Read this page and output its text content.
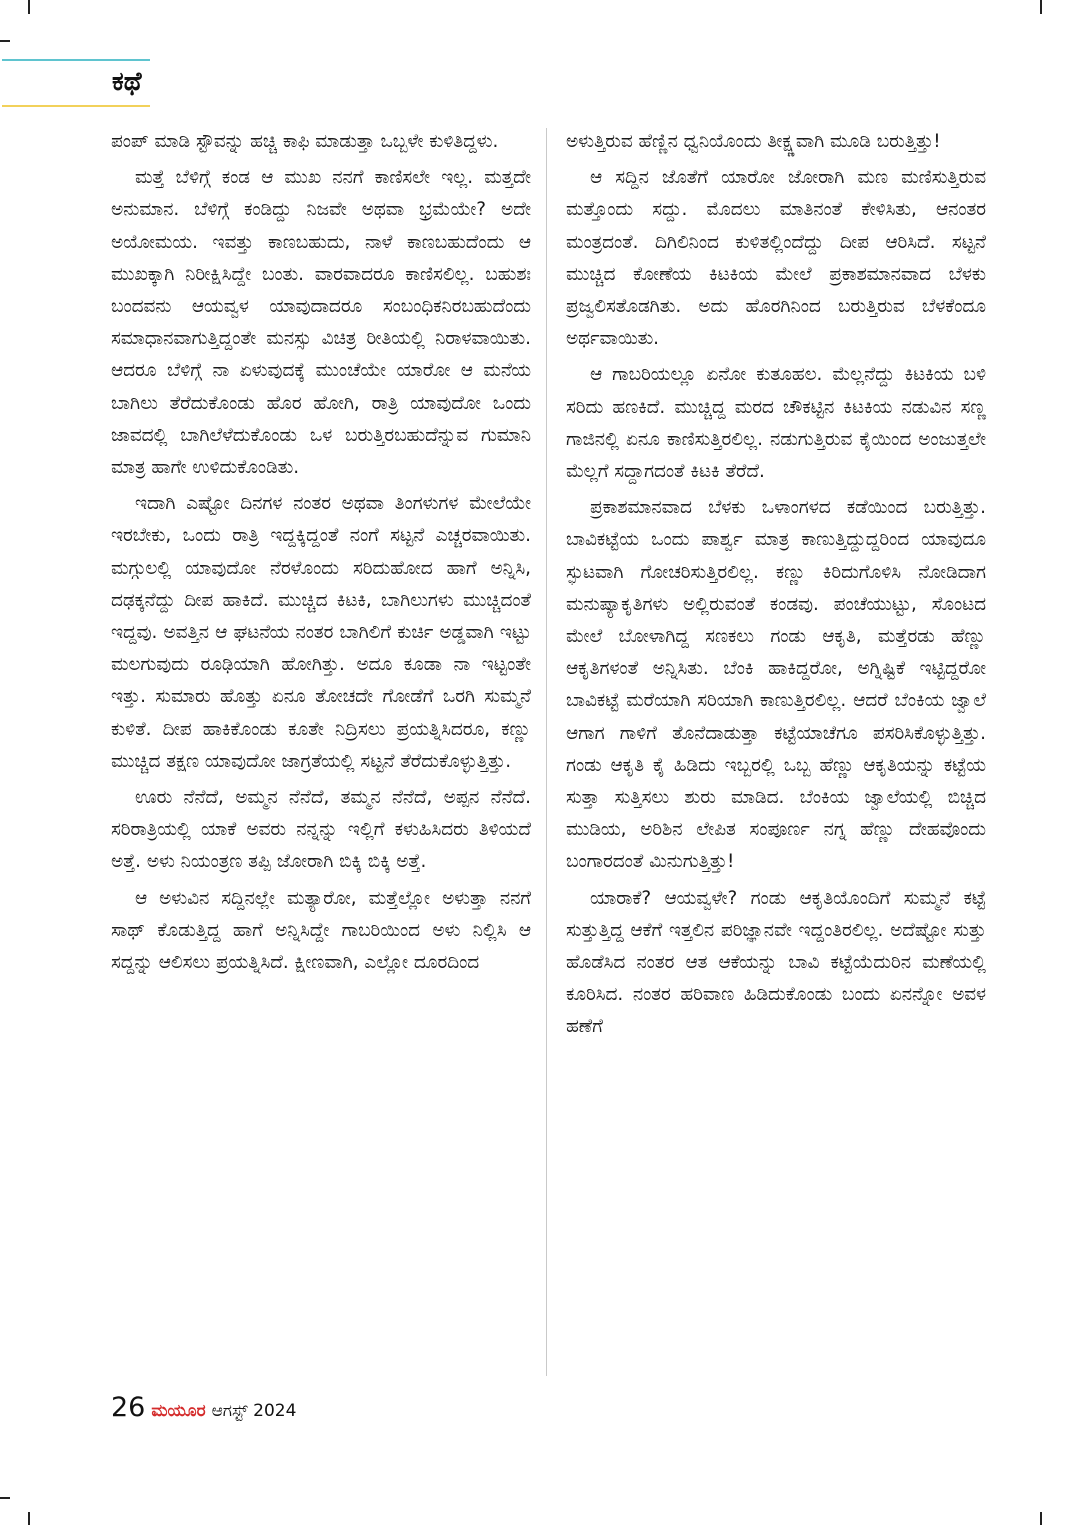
ಕಥೆ

ಪಂಪ್ ಮಾಡಿ ಸ್ಟೌವನ್ನು ಹಚ್ಚಿ ಕಾಫಿ ಮಾಡುತ್ತಾ ಒಬ್ಬಳೇ ಕುಳಿತಿದ್ದಳು.

ಮತ್ತೆ ಬೆಳಿಗ್ಗೆ ಕಂಡ ಆ ಮುಖ ನನಗೆ ಕಾಣಿಸಲೇ ಇಲ್ಲ. ಮತ್ತದೇ ಅನುಮಾನ. ಬೆಳಿಗ್ಗೆ ಕಂಡಿದ್ದು ನಿಜವೇ ಅಥವಾ ಭ್ರಮೆಯೇ? ಅದೇ ಅಯೋಮಯ. ಇವತ್ತು ಕಾಣಬಹುದು, ನಾಳೆ ಕಾಣಬಹುದೆಂದು ಆ ಮುಖಕ್ಕಾಗಿ ನಿರೀಕ್ಷಿಸಿದ್ದೇ ಬಂತು. ವಾರವಾದರೂ ಕಾಣಿಸಲಿಲ್ಲ. ಬಹುಶಃ ಬಂದವನು ಆಯವ್ವಳ ಯಾವುದಾದರೂ ಸಂಬಂಧಿಕನಿರಬಹುದೆಂದು ಸಮಾಧಾನವಾಗುತ್ತಿದ್ದಂತೇ ಮನಸ್ಸು ವಿಚಿತ್ರ ರೀತಿಯಲ್ಲಿ ನಿರಾಳವಾಯಿತು. ಆದರೂ ಬೆಳಿಗ್ಗೆ ನಾ ಏಳುವುದಕ್ಕೆ ಮುಂಚೆಯೇ ಯಾರೋ ಆ ಮನೆಯ ಬಾಗಿಲು ತೆರೆದುಕೊಂಡು ಹೊರ ಹೋಗಿ, ರಾತ್ರಿ ಯಾವುದೋ ಒಂದು ಜಾವದಲ್ಲಿ ಬಾಗಿಲೆಳೆದುಕೊಂಡು ಒಳ ಬರುತ್ತಿರಬಹುದೆನ್ನುವ ಗುಮಾನಿ ಮಾತ್ರ ಹಾಗೇ ಉಳಿದುಕೊಂಡಿತು.

ಇದಾಗಿ ಎಷ್ಟೋ ದಿನಗಳ ನಂತರ ಅಥವಾ ತಿಂಗಳುಗಳ ಮೇಲೆಯೇ ಇರಬೇಕು, ಒಂದು ರಾತ್ರಿ ಇದ್ದಕ್ಕಿದ್ದಂತೆ ನಂಗೆ ಸಟ್ಟನೆ ಎಚ್ಚರವಾಯಿತು. ಮಗ್ಗುಲಲ್ಲಿ ಯಾವುದೋ ನೆರಳೊಂದು ಸರಿದುಹೋದ ಹಾಗೆ ಅನ್ನಿಸಿ, ದಢಕ್ಕನೆದ್ದು ದೀಪ ಹಾಕಿದೆ. ಮುಚ್ಚಿದ ಕಿಟಕಿ, ಬಾಗಿಲುಗಳು ಮುಚ್ಚಿದಂತೆ ಇದ್ದವು. ಅವತ್ತಿನ ಆ ಘಟನೆಯ ನಂತರ ಬಾಗಿಲಿಗೆ ಕುರ್ಚಿ ಅಡ್ಡವಾಗಿ ಇಟ್ಟು ಮಲಗುವುದು ರೂಢಿಯಾಗಿ ಹೋಗಿತ್ತು. ಅದೂ ಕೂಡಾ ನಾ ಇಟ್ಟಂತೇ ಇತ್ತು. ಸುಮಾರು ಹೊತ್ತು ಏನೂ ತೋಚದೇ ಗೋಡೆಗೆ ಒರಗಿ ಸುಮ್ಮನೆ ಕುಳಿತೆ. ದೀಪ ಹಾಕಿಕೊಂಡು ಕೂತೇ ನಿದ್ರಿಸಲು ಪ್ರಯತ್ನಿಸಿದರೂ, ಕಣ್ಣು ಮುಚ್ಚಿದ ತಕ್ಷಣ ಯಾವುದೋ ಜಾಗ್ರತೆಯಲ್ಲಿ ಸಟ್ಟನೆ ತೆರೆದುಕೊಳ್ಳುತ್ತಿತ್ತು.

ಊರು ನೆನೆದೆ, ಅಮ್ಮನ ನೆನೆದೆ, ತಮ್ಮನ ನೆನೆದೆ, ಅಪ್ಪನ ನೆನೆದೆ. ಸರಿರಾತ್ರಿಯಲ್ಲಿ ಯಾಕೆ ಅವರು ನನ್ನನ್ನು ಇಲ್ಲಿಗೆ ಕಳುಹಿಸಿದರು ತಿಳಿಯದೆ ಅತ್ತೆ. ಅಳು ನಿಯಂತ್ರಣ ತಪ್ಪಿ ಜೋರಾಗಿ ಬಿಕ್ಕಿ ಬಿಕ್ಕಿ ಅತ್ತೆ.

ಆ ಅಳುವಿನ ಸದ್ದಿನಲ್ಲೇ ಮತ್ಯಾರೋ, ಮತ್ತೆಲ್ಲೋ ಅಳುತ್ತಾ ನನಗೆ ಸಾಥ್ ಕೊಡುತ್ತಿದ್ದ ಹಾಗೆ ಅನ್ನಿಸಿದ್ದೇ ಗಾಬರಿಯಿಂದ ಅಳು ನಿಲ್ಲಿಸಿ ಆ ಸದ್ದನ್ನು ಆಲಿಸಲು ಪ್ರಯತ್ನಿಸಿದೆ. ಕ್ಷೀಣವಾಗಿ, ಎಲ್ಲೋ ದೂರದಿಂದ

ಅಳುತ್ತಿರುವ ಹೆಣ್ಣಿನ ಧ್ವನಿಯೊಂದು ತೀಕ್ಷ್ಣವಾಗಿ ಮೂಡಿ ಬರುತ್ತಿತ್ತು!

ಆ ಸದ್ದಿನ ಜೊತೆಗೆ ಯಾರೋ ಜೋರಾಗಿ ಮಣ ಮಣಿಸುತ್ತಿರುವ ಮತ್ತೊಂದು ಸದ್ದು. ಮೊದಲು ಮಾತಿನಂತೆ ಕೇಳಿಸಿತು, ಆನಂತರ ಮಂತ್ರದಂತೆ. ದಿಗಿಲಿನಿಂದ ಕುಳಿತಲ್ಲಿಂದೆದ್ದು ದೀಪ ಆರಿಸಿದೆ. ಸಟ್ಟನೆ ಮುಚ್ಚಿದ ಕೋಣೆಯ ಕಿಟಕಿಯ ಮೇಲೆ ಪ್ರಕಾಶಮಾನವಾದ ಬೆಳಕು ಪ್ರಜ್ವಲಿಸತೊಡಗಿತು. ಅದು ಹೊರಗಿನಿಂದ ಬರುತ್ತಿರುವ ಬೆಳಕೆಂದೂ ಅರ್ಥವಾಯಿತು.

ಆ ಗಾಬರಿಯಲ್ಲೂ ಏನೋ ಕುತೂಹಲ. ಮೆಲ್ಲನೆದ್ದು ಕಿಟಕಿಯ ಬಳಿ ಸರಿದು ಹಣಕಿದೆ. ಮುಚ್ಚಿದ್ದ ಮರದ ಚೌಕಟ್ಟಿನ ಕಿಟಕಿಯ ನಡುವಿನ ಸಣ್ಣ ಗಾಜಿನಲ್ಲಿ ಏನೂ ಕಾಣಿಸುತ್ತಿರಲಿಲ್ಲ. ನಡುಗುತ್ತಿರುವ ಕೈಯಿಂದ ಅಂಜುತ್ತಲೇ ಮೆಲ್ಲಗೆ ಸದ್ದಾಗದಂತೆ ಕಿಟಕಿ ತೆರೆದೆ.

ಪ್ರಕಾಶಮಾನವಾದ ಬೆಳಕು ಒಳಾಂಗಳದ ಕಡೆಯಿಂದ ಬರುತ್ತಿತ್ತು. ಬಾವಿಕಟ್ಟೆಯ ಒಂದು ಪಾರ್ಶ್ವ ಮಾತ್ರ ಕಾಣುತ್ತಿದ್ದುದ್ದರಿಂದ ಯಾವುದೂ ಸ್ಫುಟವಾಗಿ ಗೋಚರಿಸುತ್ತಿರಲಿಲ್ಲ. ಕಣ್ಣು ಕಿರಿದುಗೊಳಿಸಿ ನೋಡಿದಾಗ ಮನುಷ್ಯಾಕೃತಿಗಳು ಅಲ್ಲಿರುವಂತೆ ಕಂಡವು. ಪಂಚೆಯುಟ್ಟು, ಸೊಂಟದ ಮೇಲೆ ಬೋಳಾಗಿದ್ದ ಸಣಕಲು ಗಂಡು ಆಕೃತಿ, ಮತ್ತೆರಡು ಹೆಣ್ಣು ಆಕೃತಿಗಳಂತೆ ಅನ್ನಿಸಿತು. ಬೆಂಕಿ ಹಾಕಿದ್ದರೋ, ಅಗ್ನಿಷ್ಟಿಕೆ ಇಟ್ಟಿದ್ದರೋ ಬಾವಿಕಟ್ಟೆ ಮರೆಯಾಗಿ ಸರಿಯಾಗಿ ಕಾಣುತ್ತಿರಲಿಲ್ಲ. ಆದರೆ ಬೆಂಕಿಯ ಜ್ವಾಲೆ ಆಗಾಗ ಗಾಳಿಗೆ ತೊನೆದಾಡುತ್ತಾ ಕಟ್ಟೆಯಾಚೆಗೂ ಪಸರಿಸಿಕೊಳ್ಳುತ್ತಿತ್ತು. ಗಂಡು ಆಕೃತಿ ಕೈ ಹಿಡಿದು ಇಬ್ಬರಲ್ಲಿ ಒಬ್ಬ ಹೆಣ್ಣು ಆಕೃತಿಯನ್ನು ಕಟ್ಟೆಯ ಸುತ್ತಾ ಸುತ್ತಿಸಲು ಶುರು ಮಾಡಿದ. ಬೆಂಕಿಯ ಜ್ವಾಲೆಯಲ್ಲಿ ಬಿಚ್ಚಿದ ಮುಡಿಯ, ಅರಿಶಿನ ಲೇಪಿತ ಸಂಪೂರ್ಣ ನಗ್ನ ಹೆಣ್ಣು ದೇಹವೊಂದು ಬಂಗಾರದಂತೆ ಮಿನುಗುತ್ತಿತ್ತು!

ಯಾರಾಕೆ? ಆಯವ್ವಳೇ? ಗಂಡು ಆಕೃತಿಯೊಂದಿಗೆ ಸುಮ್ಮನೆ ಕಟ್ಟೆ ಸುತ್ತುತ್ತಿದ್ದ ಆಕೆಗೆ ಇತ್ತಲಿನ ಪರಿಜ್ಞಾನವೇ ಇದ್ದಂತಿರಲಿಲ್ಲ. ಅದೆಷ್ಟೋ ಸುತ್ತು ಹೊಡೆಸಿದ ನಂತರ ಆತ ಆಕೆಯನ್ನು ಬಾವಿ ಕಟ್ಟೆಯೆದುರಿನ ಮಣೆಯಲ್ಲಿ ಕೂರಿಸಿದ. ನಂತರ ಹರಿವಾಣ ಹಿಡಿದುಕೊಂಡು ಬಂದು ಏನನ್ನೋ ಅವಳ ಹಣೆಗೆ

26 ಮಯೂರ ಆಗಸ್ಟ್ 2024
